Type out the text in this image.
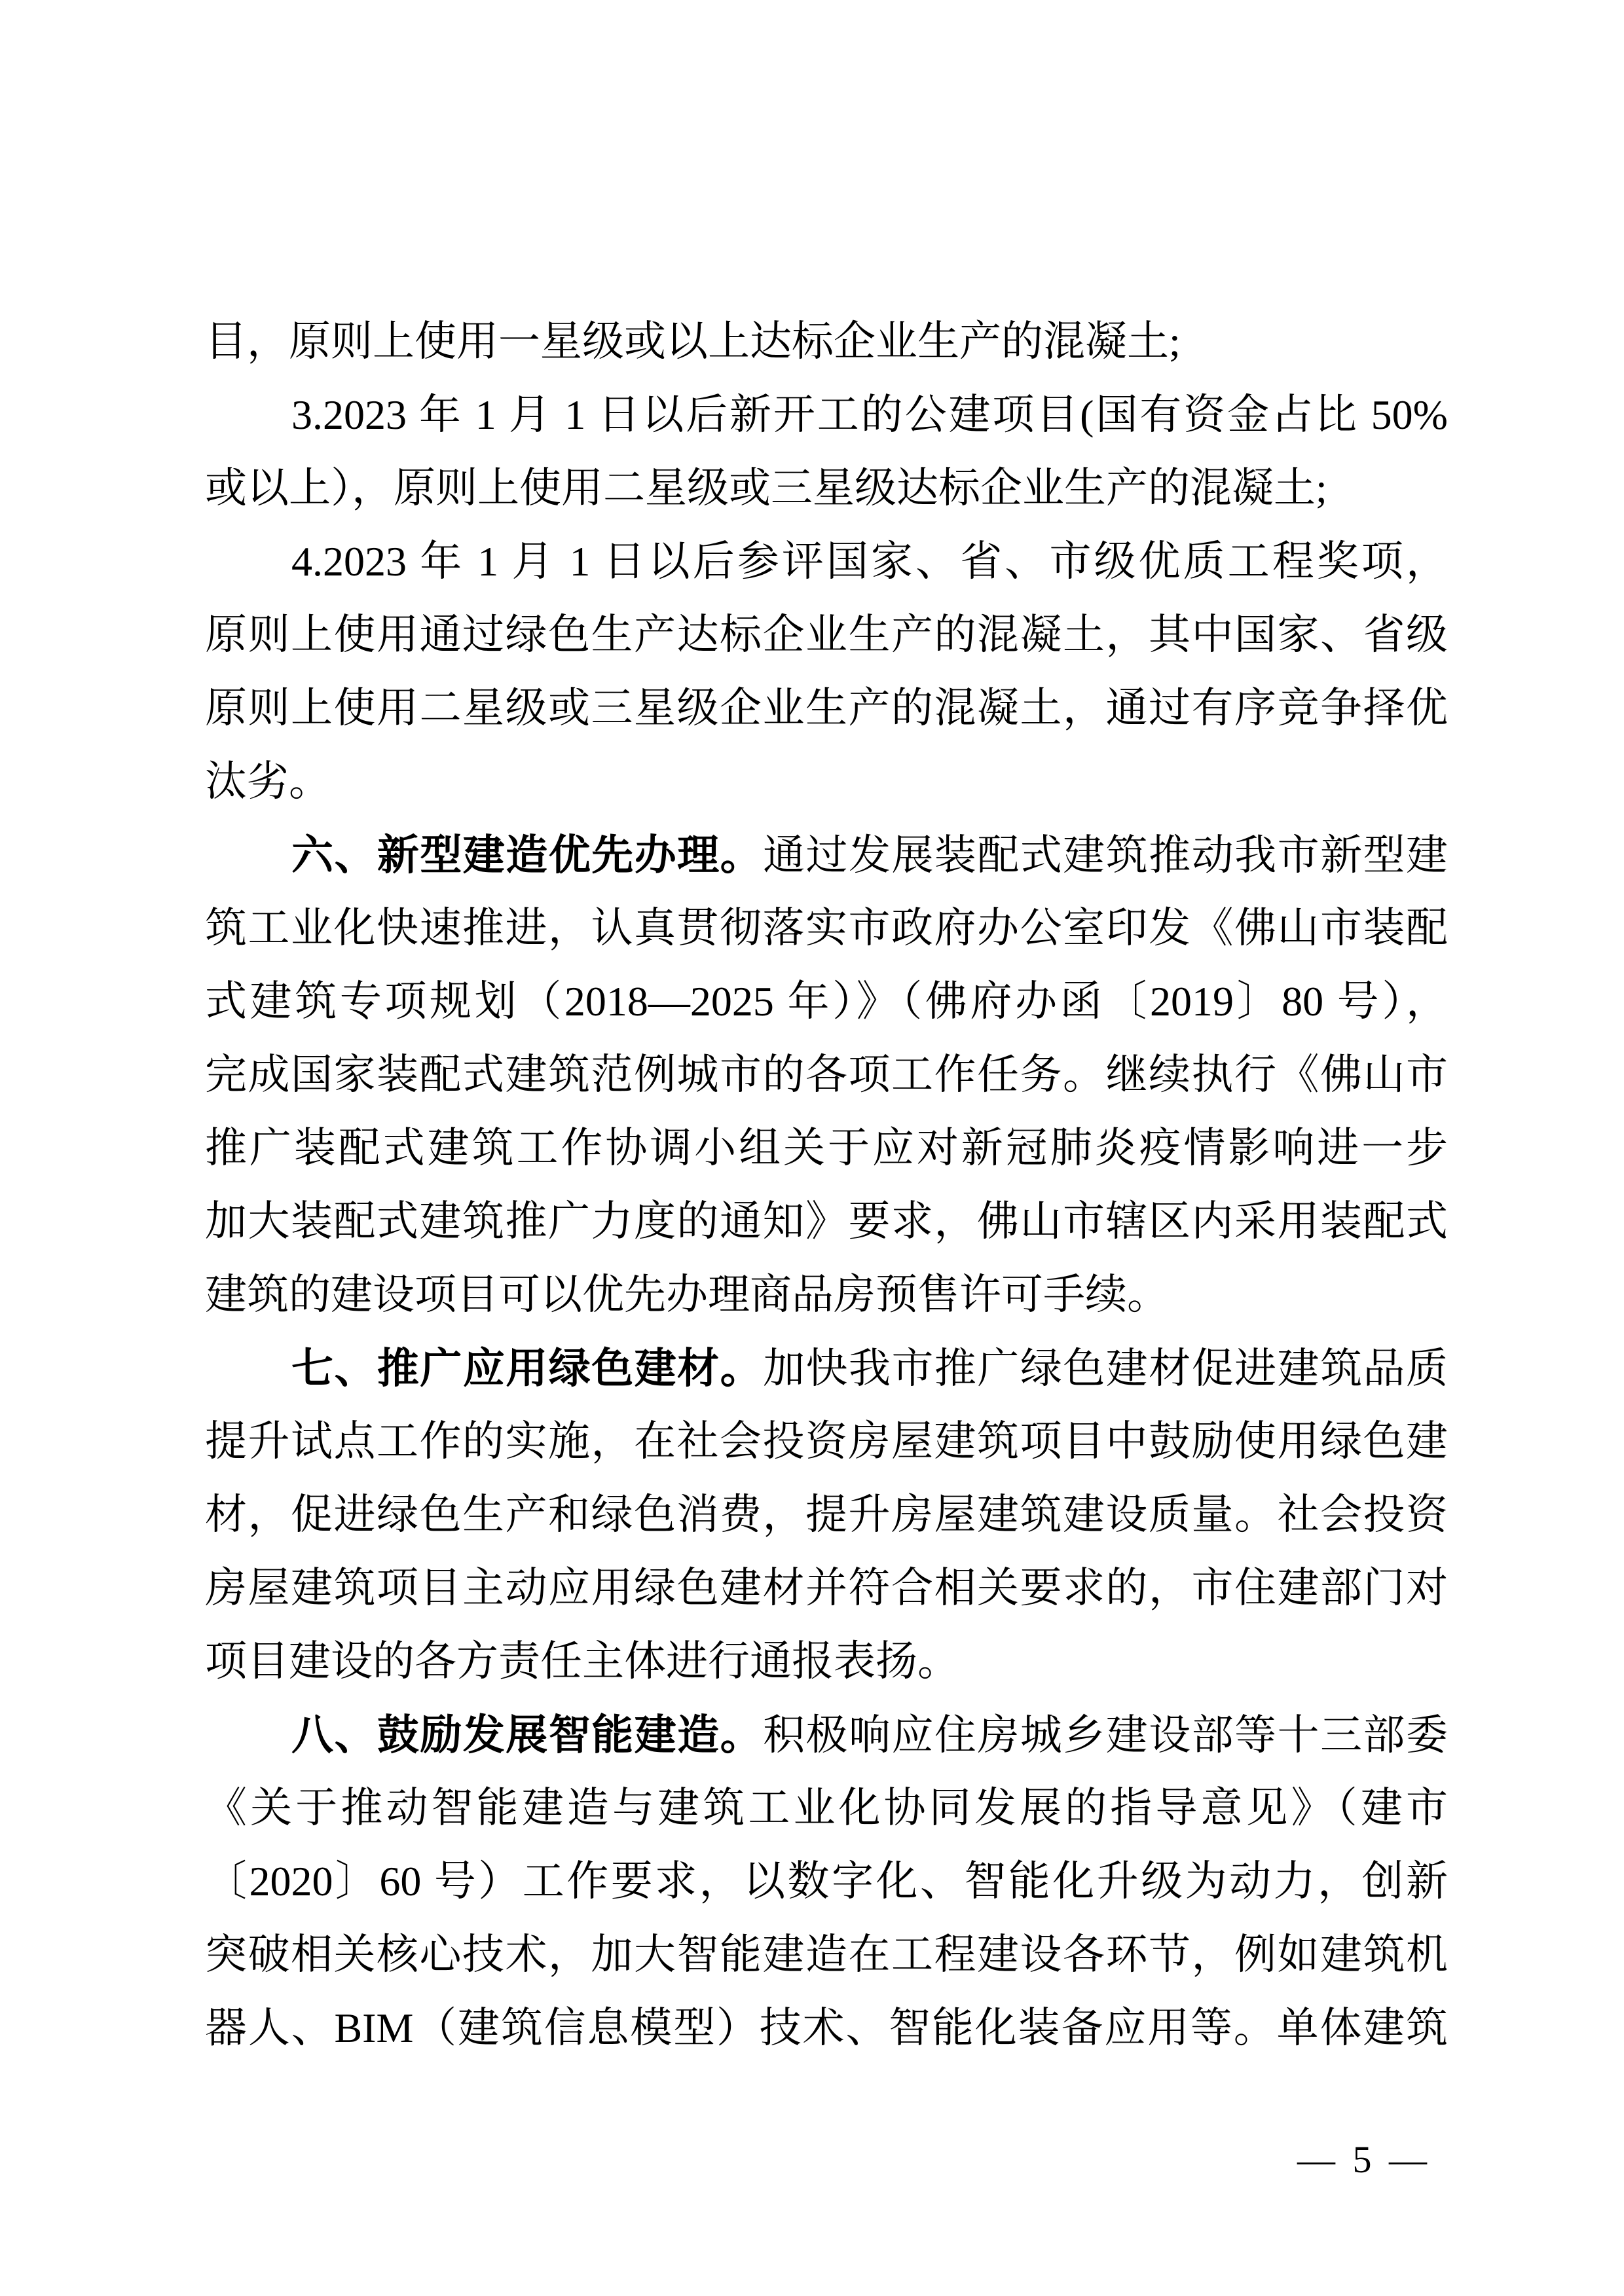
目，原则上使用一星级或以上达标企业生产的混凝土;
3.2023 年 1 月 1 日以后新开工的公建项目(国有资金占比 50%
或以上），原则上使用二星级或三星级达标企业生产的混凝土;
4.2023 年 1 月 1 日以后参评国家、省、市级优质工程奖项，
原则上使用通过绿色生产达标企业生产的混凝土，其中国家、省级
原则上使用二星级或三星级企业生产的混凝土，通过有序竞争择优
汰劣。
六、新型建造优先办理。通过发展装配式建筑推动我市新型建
筑工业化快速推进，认真贯彻落实市政府办公室印发《佛山市装配
式建筑专项规划（2018—2025 年）》（佛府办函〔2019〕80 号），
完成国家装配式建筑范例城市的各项工作任务。继续执行《佛山市
推广装配式建筑工作协调小组关于应对新冠肺炎疫情影响进一步
加大装配式建筑推广力度的通知》要求，佛山市辖区内采用装配式
建筑的建设项目可以优先办理商品房预售许可手续。
七、推广应用绿色建材。加快我市推广绿色建材促进建筑品质
提升试点工作的实施，在社会投资房屋建筑项目中鼓励使用绿色建
材，促进绿色生产和绿色消费，提升房屋建筑建设质量。社会投资
房屋建筑项目主动应用绿色建材并符合相关要求的，市住建部门对
项目建设的各方责任主体进行通报表扬。
八、鼓励发展智能建造。积极响应住房城乡建设部等十三部委
《关于推动智能建造与建筑工业化协同发展的指导意见》（建市
〔2020〕60 号）工作要求，以数字化、智能化升级为动力，创新
突破相关核心技术，加大智能建造在工程建设各环节，例如建筑机
器人、BIM（建筑信息模型）技术、智能化装备应用等。单体建筑
— 5 —
